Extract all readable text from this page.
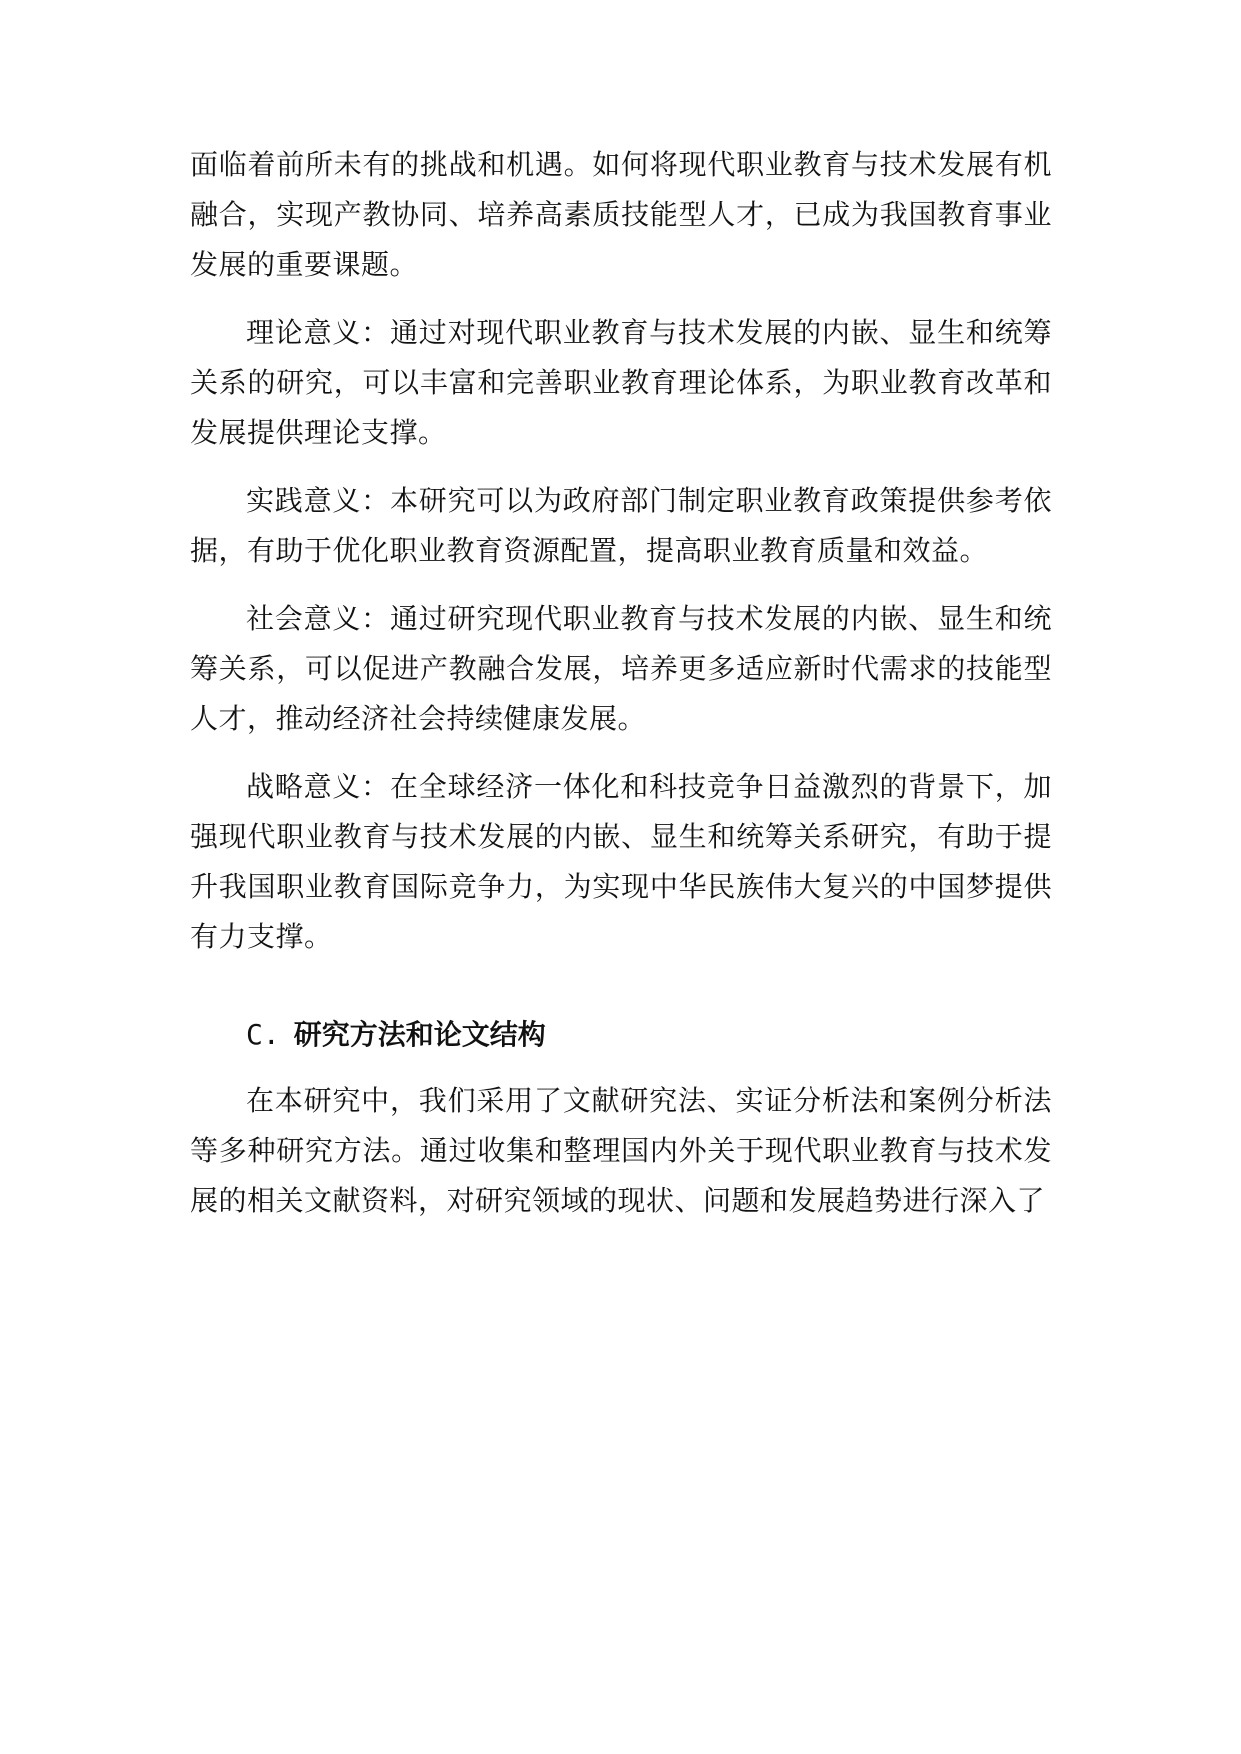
面临着前所未有的挑战和机遇。如何将现代职业教育与技术发展有机融合，实现产教协同、培养高素质技能型人才，已成为我国教育事业发展的重要课题。

理论意义：通过对现代职业教育与技术发展的内嵌、显生和统筹关系的研究，可以丰富和完善职业教育理论体系，为职业教育改革和发展提供理论支撑。

实践意义：本研究可以为政府部门制定职业教育政策提供参考依据，有助于优化职业教育资源配置，提高职业教育质量和效益。

社会意义：通过研究现代职业教育与技术发展的内嵌、显生和统筹关系，可以促进产教融合发展，培养更多适应新时代需求的技能型人才，推动经济社会持续健康发展。

战略意义：在全球经济一体化和科技竞争日益激烈的背景下，加强现代职业教育与技术发展的内嵌、显生和统筹关系研究，有助于提升我国职业教育国际竞争力，为实现中华民族伟大复兴的中国梦提供有力支撑。

C. 研究方法和论文结构

在本研究中，我们采用了文献研究法、实证分析法和案例分析法等多种研究方法。通过收集和整理国内外关于现代职业教育与技术发展的相关文献资料，对研究领域的现状、问题和发展趋势进行深入了
